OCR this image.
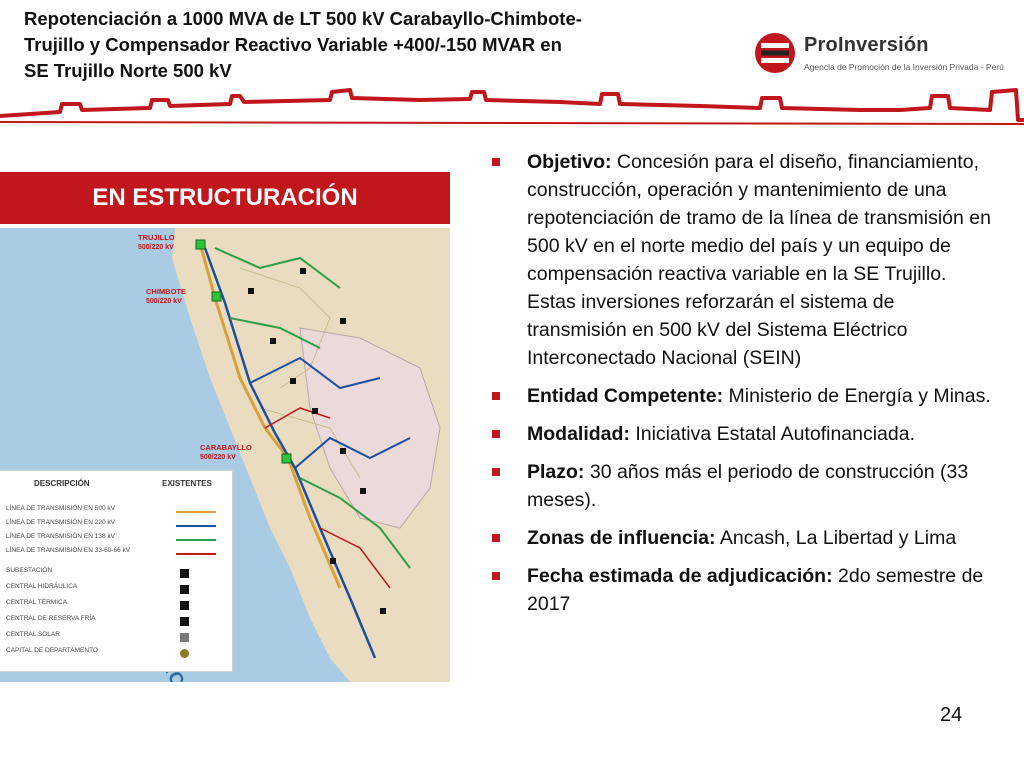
Repotenciación a 1000 MVA de LT 500 kV Carabayllo-Chimbote-Trujillo y Compensador Reactivo Variable +400/-150 MVAR en SE Trujillo Norte 500 kV
ProInversión
Agencia de Promoción de la Inversión Privada - Perú
EN ESTRUCTURACIÓN
TRUJILLO
500/220 kV
CHIMBOTE
500/220 kV
CARABAYLLO
500/220 kV
DESCRIPCIÓN	EXISTENTES
LÍNEA DE TRANSMISIÓN EN 500 kV
LÍNEA DE TRANSMISIÓN EN 220 kV
LÍNEA DE TRANSMISIÓN EN 138 kV
LÍNEA DE TRANSMISIÓN EN 33-60-66 kV
SUBESTACIÓN
CENTRAL HIDRÁULICA
CENTRAL TÉRMICA
CENTRAL DE RESERVA FRÍA
CENTRAL SOLAR
CAPITAL DE DEPARTAMENTO
Objetivo: Concesión para el diseño, financiamiento, construcción, operación y mantenimiento de una repotenciación de tramo de la línea de transmisión en 500 kV en el norte medio del país y un equipo de compensación reactiva variable en la SE Trujillo. Estas inversiones reforzarán el sistema de transmisión en 500 kV del Sistema Eléctrico Interconectado Nacional (SEIN)
Entidad Competente: Ministerio de Energía y Minas.
Modalidad: Iniciativa Estatal Autofinanciada.
Plazo: 30 años más el periodo de construcción (33 meses).
Zonas de influencia: Ancash, La Libertad y Lima
Fecha estimada de adjudicación: 2do semestre de 2017
24
